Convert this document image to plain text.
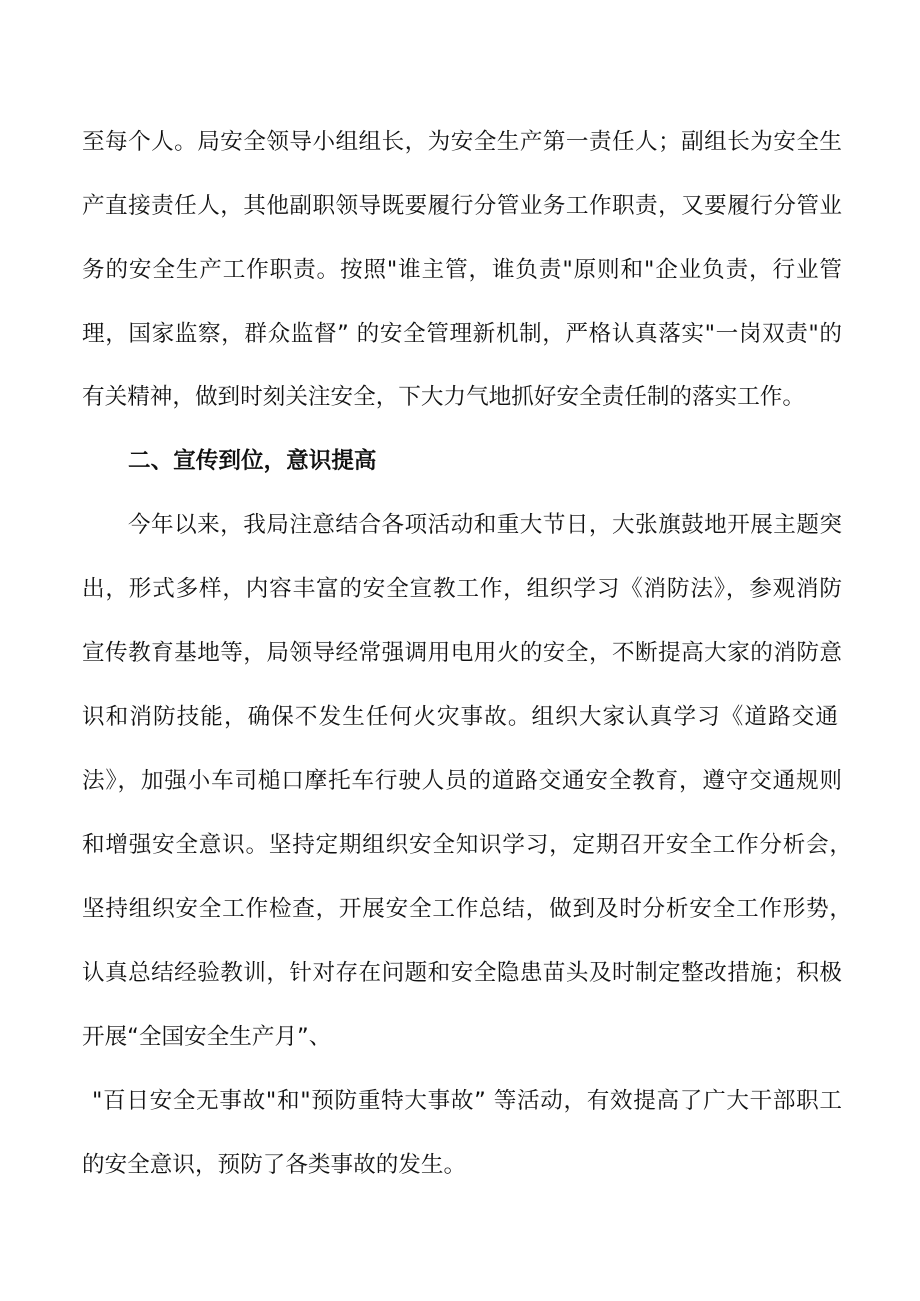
至每个人。局安全领导小组组长，为安全生产第一责任人；副组长为安全生
产直接责任人，其他副职领导既要履行分管业务工作职责，又要履行分管业
务的安全生产工作职责。按照"谁主管，谁负责"原则和"企业负责，行业管
理，国家监察，群众监督” 的安全管理新机制，严格认真落实"一岗双责"的
有关精神，做到时刻关注安全，下大力气地抓好安全责任制的落实工作。
二、宣传到位，意识提高
今年以来，我局注意结合各项活动和重大节日，大张旗鼓地开展主题突
出，形式多样，内容丰富的安全宣教工作，组织学习《消防法》，参观消防
宣传教育基地等，局领导经常强调用电用火的安全，不断提高大家的消防意
识和消防技能，确保不发生任何火灾事故。组织大家认真学习《道路交通
法》，加强小车司槌口摩托车行驶人员的道路交通安全教育，遵守交通规则
和增强安全意识。坚持定期组织安全知识学习，定期召开安全工作分析会，
坚持组织安全工作检查，开展安全工作总结，做到及时分析安全工作形势，
认真总结经验教训，针对存在问题和安全隐患苗头及时制定整改措施；积极
开展“全国安全生产月”、
"百日安全无事故"和"预防重特大事故” 等活动，有效提高了广大干部职工
的安全意识，预防了各类事故的发生。
